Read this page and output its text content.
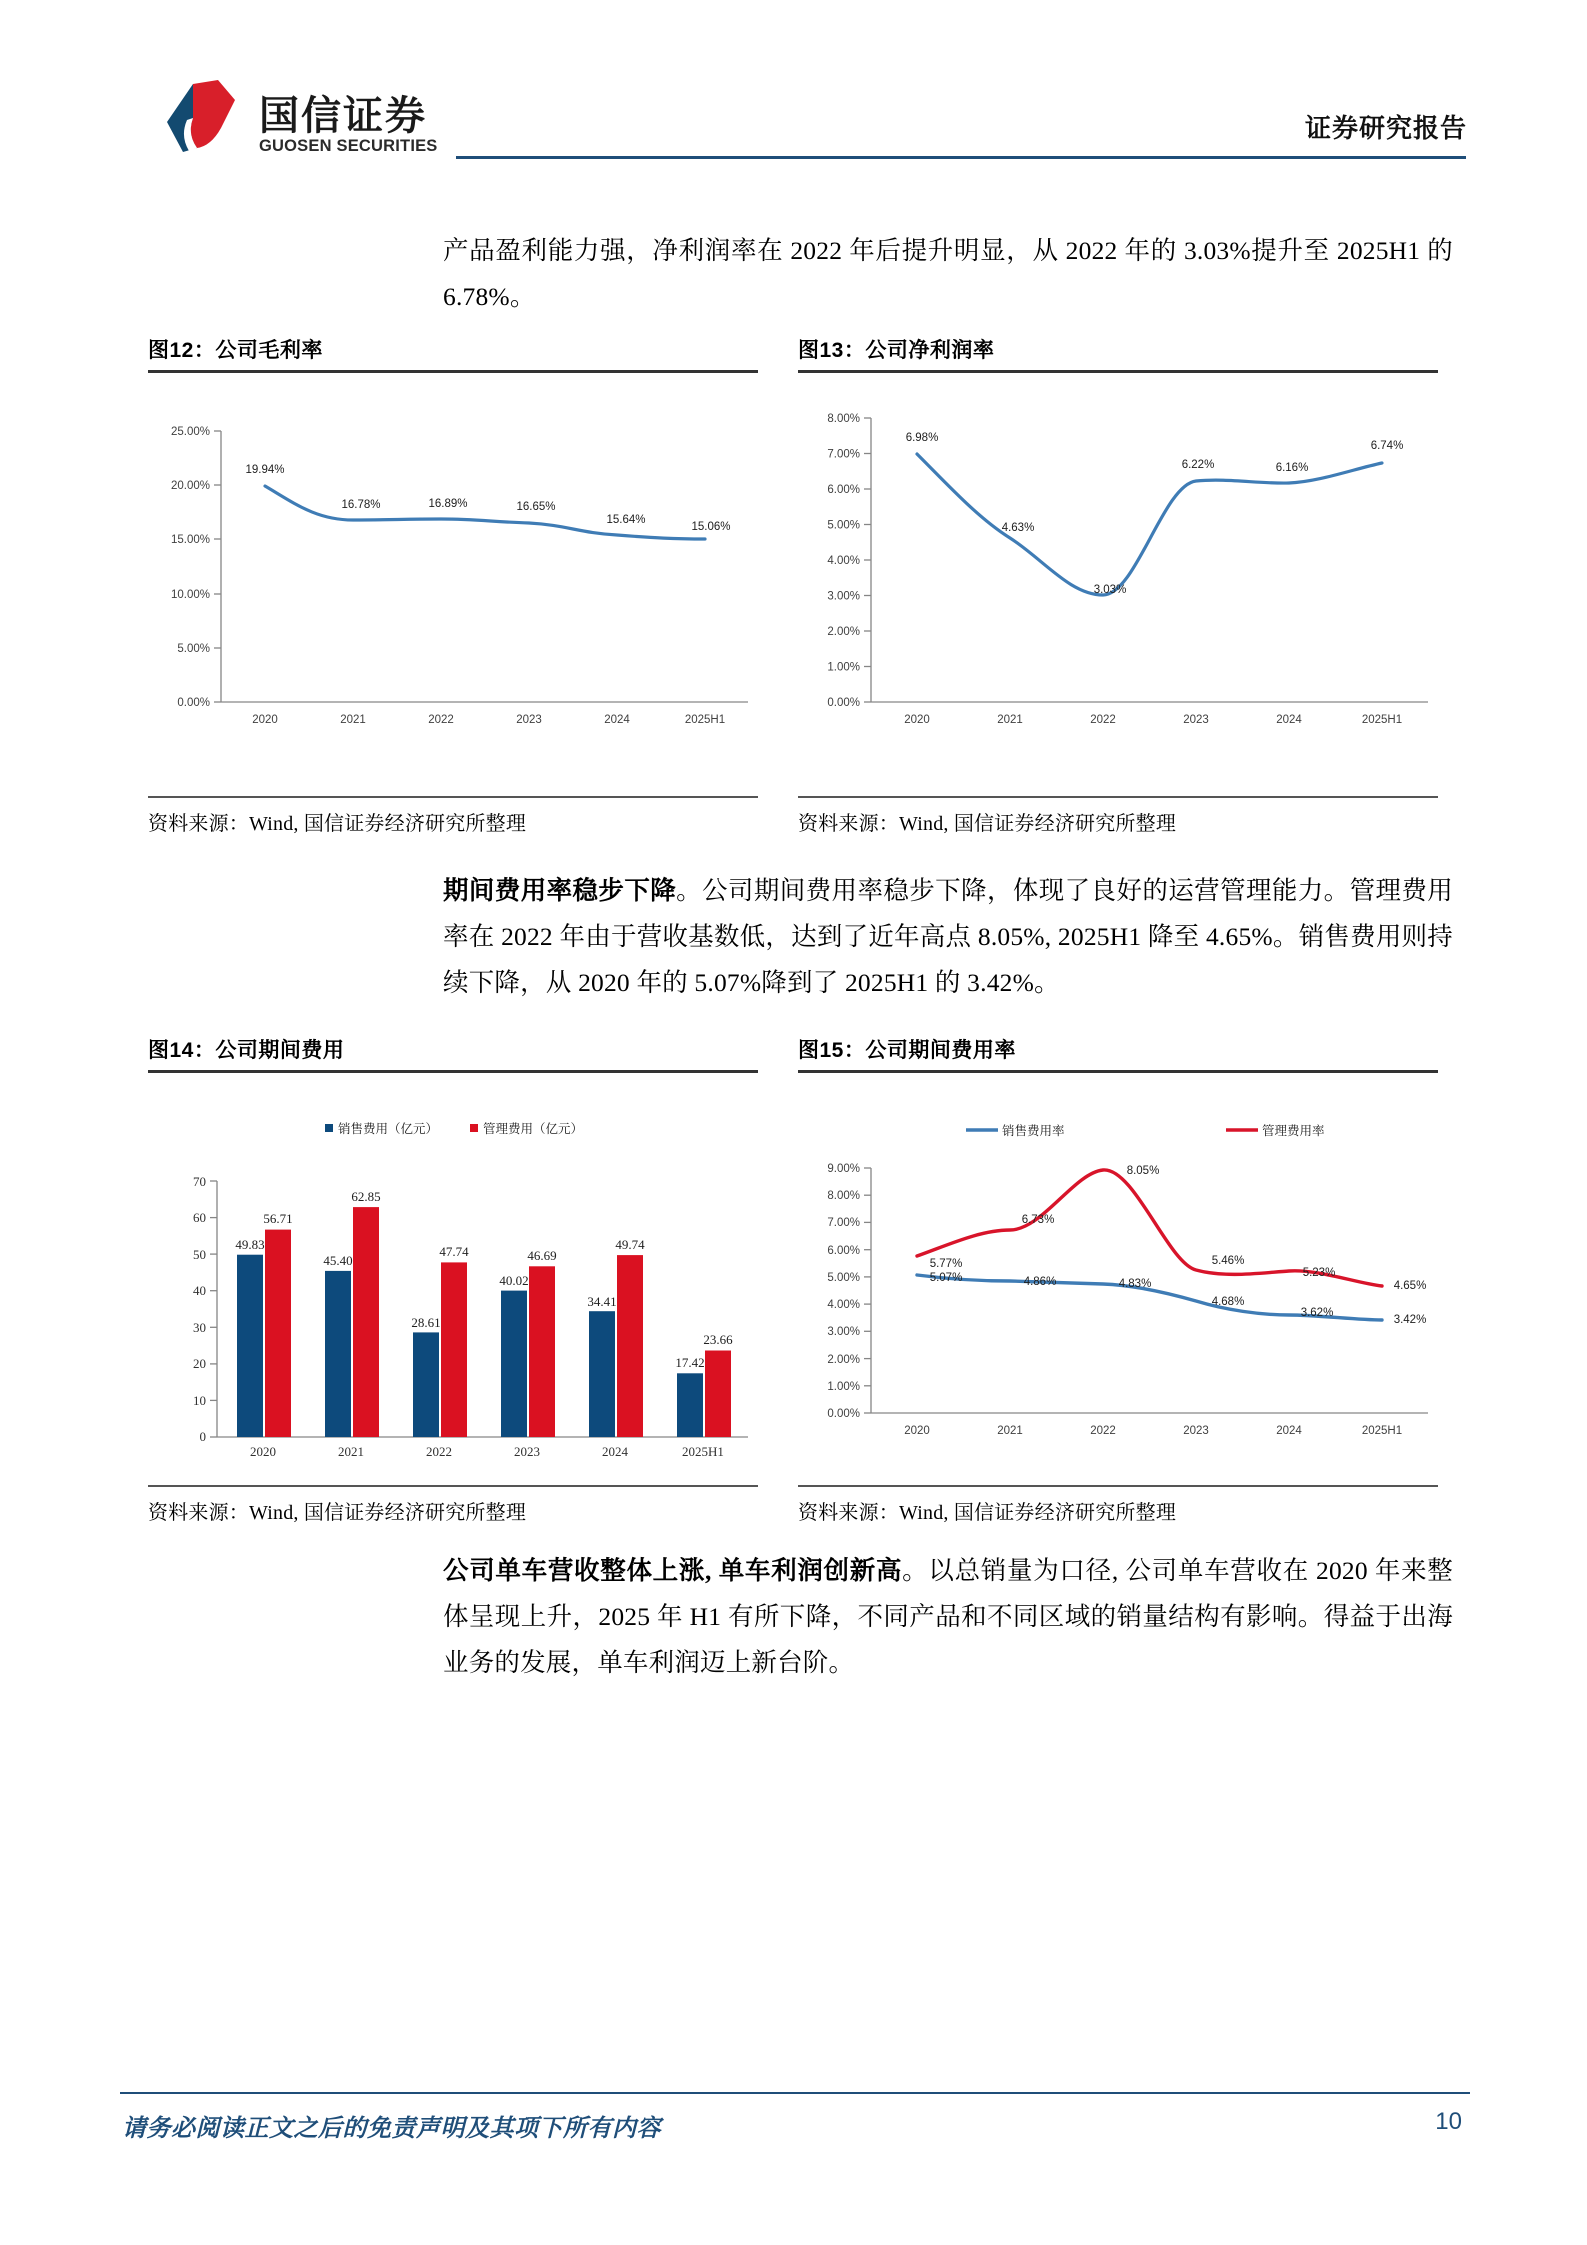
国信证券
GUOSEN SECURITIES
证券研究报告
产品盈利能力强，净利润率在 2022 年后提升明显，从 2022 年的 3.03%提升至 2025H1 的 6.78%。
图12：公司毛利率
25.00%
20.00%
15.00%
10.00%
5.00%
0.00%
2020	2021	2022	2023	2024	2025H1
19.94%
16.78%	16.89%	16.65%
15.64%
15.06%
资料来源：Wind, 国信证券经济研究所整理
图13：公司净利润率
8.00%
7.00%
6.00%
5.00%
4.00%
3.00%
2.00%
1.00%
0.00%
2020	2021	2022	2023	2024	2025H1
6.98%
4.63%
3.03%
6.22%	6.16%
6.74%
资料来源：Wind, 国信证券经济研究所整理
期间费用率稳步下降。公司期间费用率稳步下降，体现了良好的运营管理能力。管理费用率在 2022 年由于营收基数低，达到了近年高点 8.05%, 2025H1 降至 4.65%。销售费用则持续下降，从 2020 年的 5.07%降到了 2025H1 的 3.42%。
图14：公司期间费用
销售费用（亿元）	管理费用（亿元）
70
60
50
40
30
20
10
0
49.83
56.71
45.40
62.85
28.61
47.74
40.02
46.69
34.41
49.74
17.42
23.66
2020	2021	2022	2023	2024	2025H1
资料来源：Wind, 国信证券经济研究所整理
图15：公司期间费用率
销售费用率	管理费用率
9.00%
8.00%
7.00%
6.00%
5.00%
4.00%
3.00%
2.00%
1.00%
0.00%
2020	2021	2022	2023	2024	2025H1
5.77%
6.73%
8.05%
5.46%
5.23%
4.65%
5.07%	4.86%	4.83%
4.68%
3.62%
3.42%
资料来源：Wind, 国信证券经济研究所整理
公司单车营收整体上涨, 单车利润创新高。以总销量为口径, 公司单车营收在 2020 年来整体呈现上升，2025 年 H1 有所下降，不同产品和不同区域的销量结构有影响。得益于出海业务的发展，单车利润迈上新台阶。
请务必阅读正文之后的免责声明及其项下所有内容	10
